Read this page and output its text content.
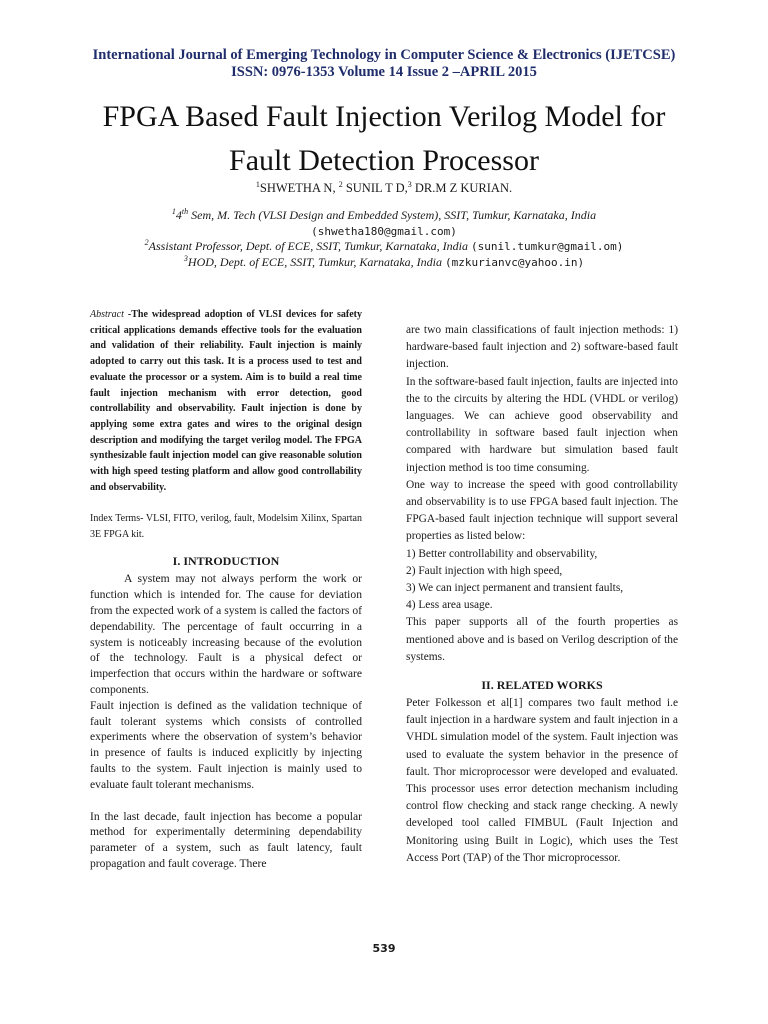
International Journal of Emerging Technology in Computer Science & Electronics (IJETCSE)
ISSN: 0976-1353 Volume 14 Issue 2 –APRIL 2015
FPGA Based Fault Injection Verilog Model for
Fault Detection Processor
$^1$SHWETHA N, $^2$ SUNIL T D,$^3$ DR.M Z KURIAN.
$^1$4th Sem, M. Tech (VLSI Design and Embedded System), SSIT, Tumkur, Karnataka, India
(shwetha180@gmail.com)
$^2$Assistant Professor, Dept. of ECE, SSIT, Tumkur, Karnataka, India (sunil.tumkur@gmail.om)
$^3$HOD, Dept. of ECE, SSIT, Tumkur, Karnataka, India (mzkurianvc@yahoo.in)

Abstract -The widespread adoption of VLSI devices for safety critical applications demands effective tools for the evaluation and validation of their reliability. Fault injection is mainly adopted to carry out this task. It is a process used to test and evaluate the processor or a system. Aim is to build a real time fault injection mechanism with error detection, good controllability and observability. Fault injection is done by applying some extra gates and wires to the original design description and modifying the target verilog model. The FPGA synthesizable fault injection model can give reasonable solution with high speed testing platform and allow good controllability and observability.

Index Terms- VLSI, FITO, verilog, fault, Modelsim Xilinx, Spartan 3E FPGA kit.

I. INTRODUCTION

A system may not always perform the work or function which is intended for. The cause for deviation from the expected work of a system is called the factors of dependability. The percentage of fault occurring in a system is noticeably increasing because of the evolution of the technology. Fault is a physical defect or imperfection that occurs within the hardware or software components.

Fault injection is defined as the validation technique of fault tolerant systems which consists of controlled experiments where the observation of system’s behavior in presence of faults is induced explicitly by injecting faults to the system. Fault injection is mainly used to evaluate fault tolerant mechanisms.

In the last decade, fault injection has become a popular method for experimentally determining dependability parameter of a system, such as fault latency, fault propagation and fault coverage. There

are two main classifications of fault injection methods: 1) hardware-based fault injection and 2) software-based fault injection.

In the software-based fault injection, faults are injected into the to the circuits by altering the HDL (VHDL or verilog) languages. We can achieve good observability and controllability in software based fault injection when compared with hardware but simulation based fault injection method is too time consuming.

One way to increase the speed with good controllability and observability is to use FPGA based fault injection. The FPGA-based fault injection technique will support several properties as listed below:

1) Better controllability and observability,

2) Fault injection with high speed,

3) We can inject permanent and transient faults,

4) Less area usage.

This paper supports all of the fourth properties as mentioned above and is based on Verilog description of the systems.

II. RELATED WORKS

Peter Folkesson et al[1] compares two fault method i.e fault injection in a hardware system and fault injection in a VHDL simulation model of the system. Fault injection was used to evaluate the system behavior in the presence of fault. Thor microprocessor were developed and evaluated. This processor uses error detection mechanism including control flow checking and stack range checking. A newly developed tool called FIMBUL (Fault Injection and Monitoring using Built in Logic), which uses the Test Access Port (TAP) of the Thor microprocessor.

539
